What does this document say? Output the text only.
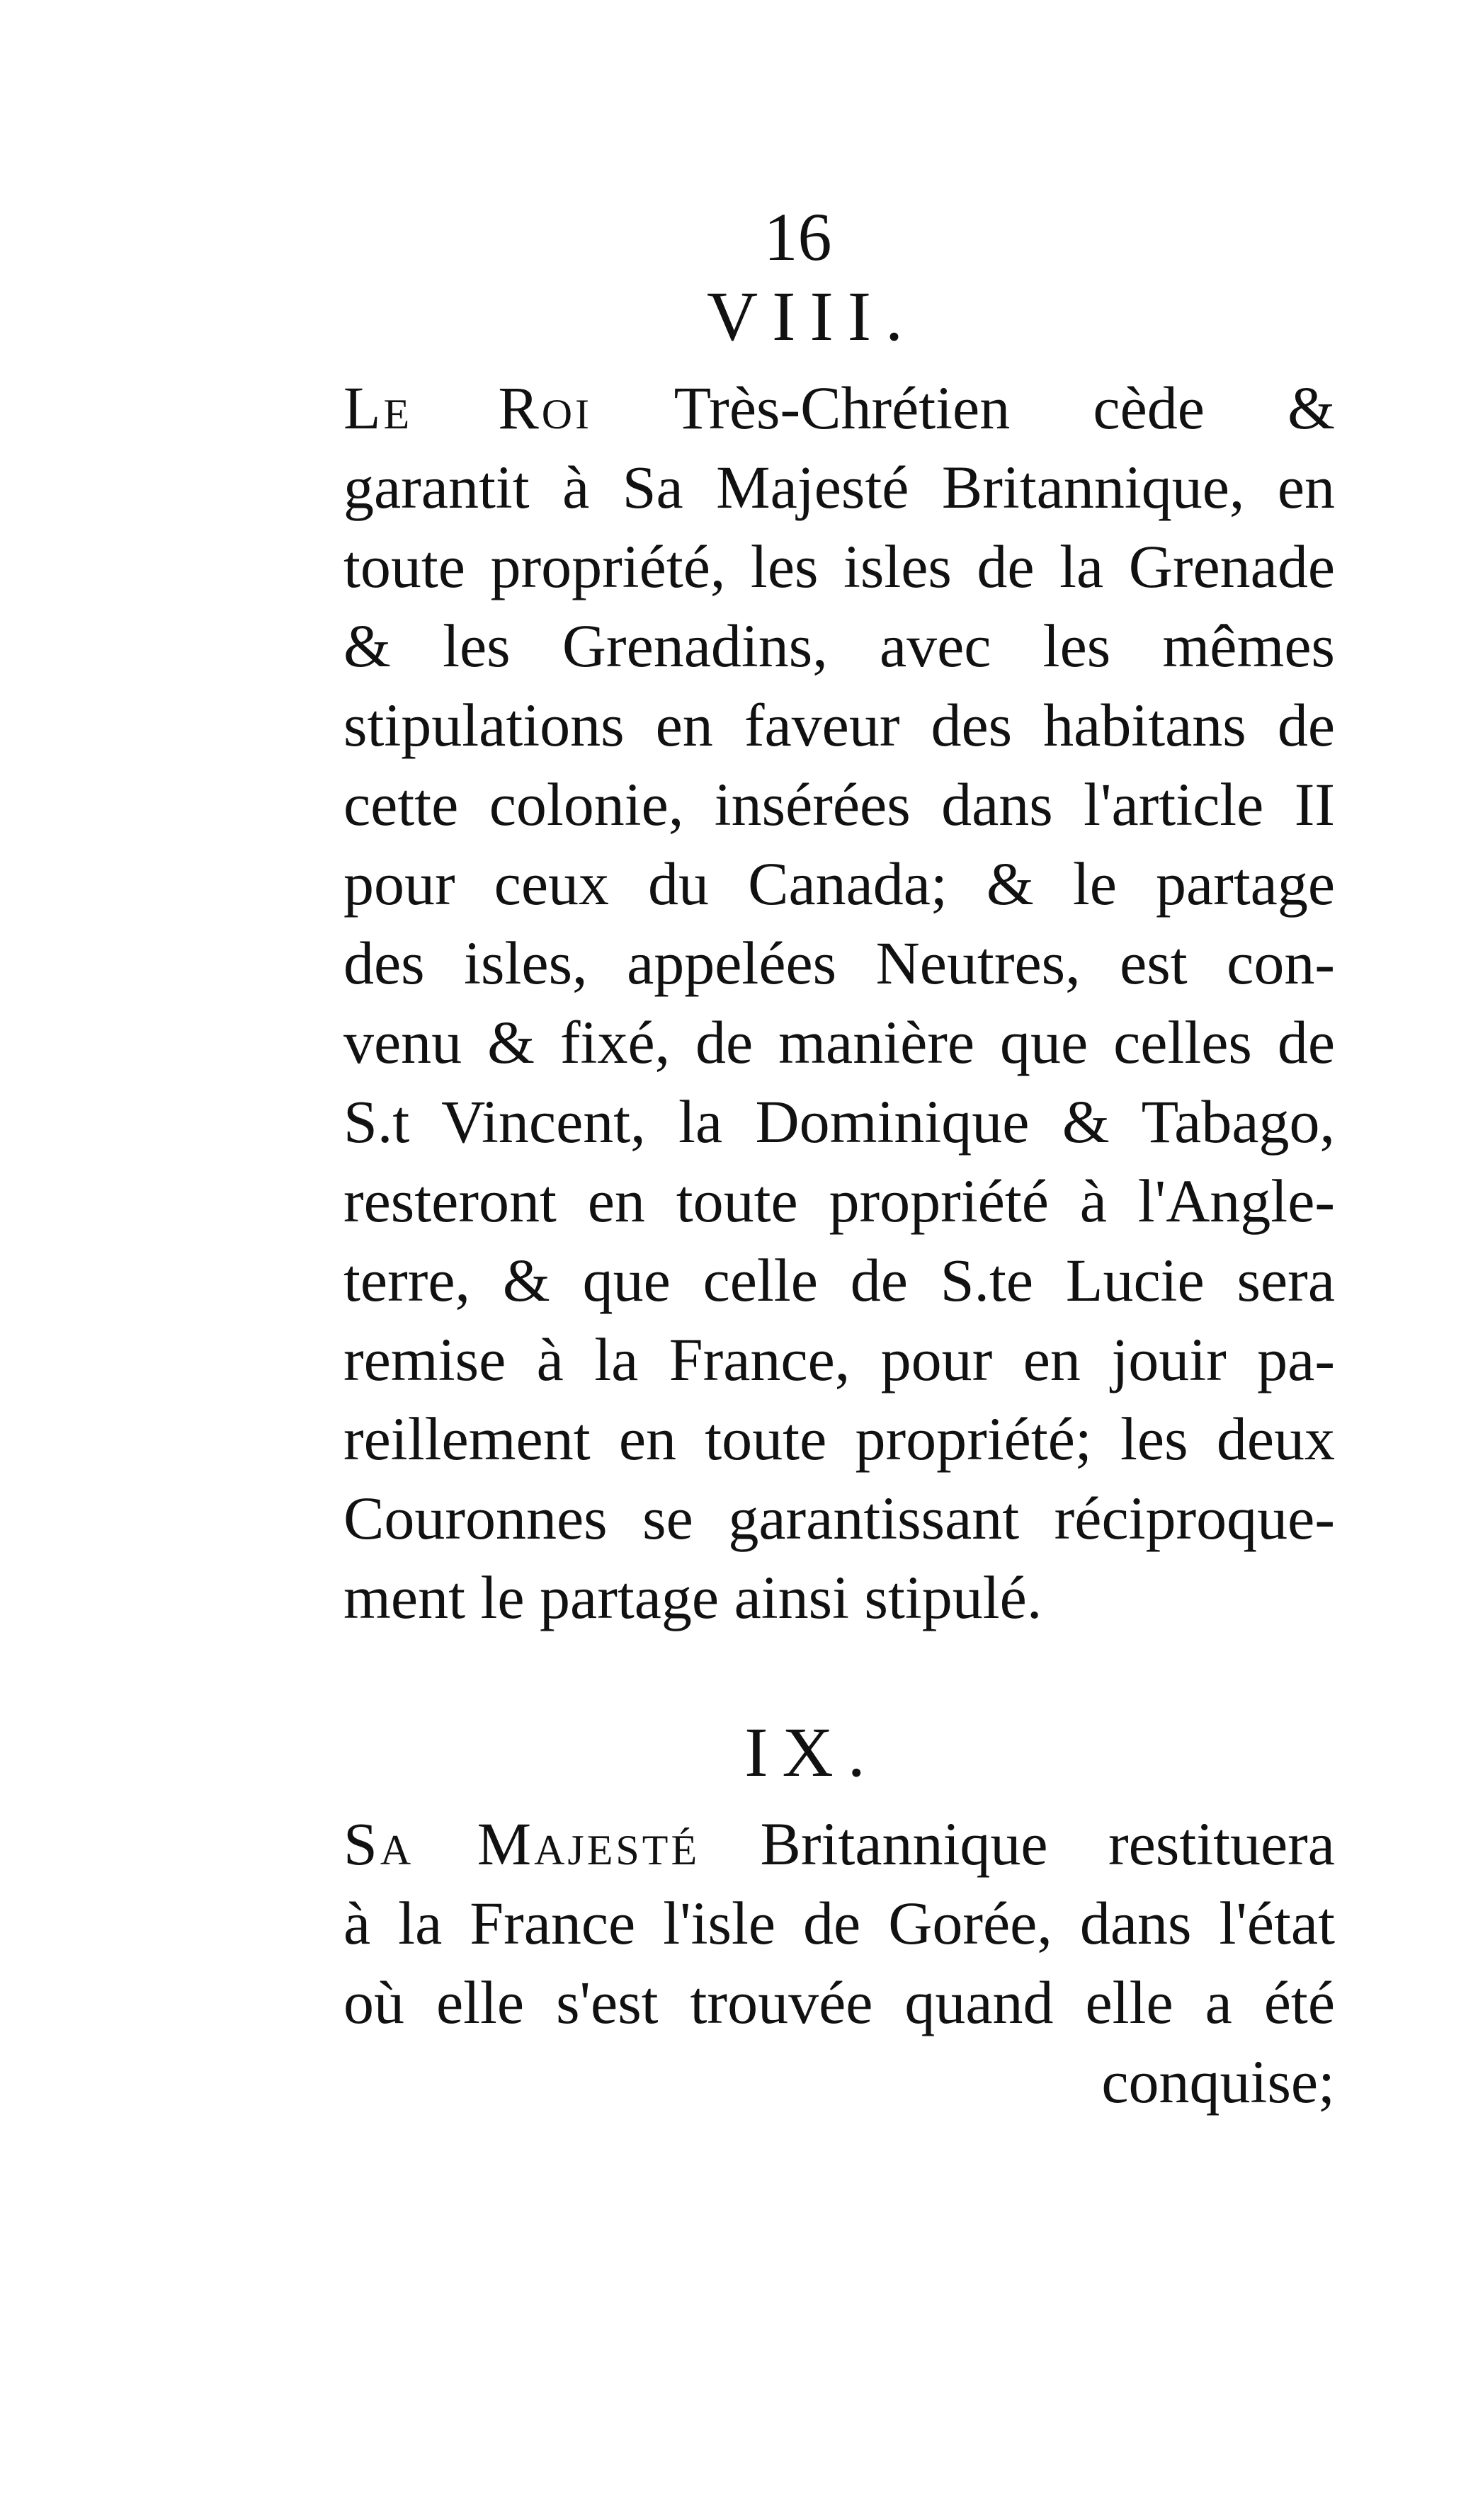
16
VIII.
Le Roi Très-Chrétien cède &
garantit à Sa Majesté Britannique, en
toute propriété, les isles de la Grenade
& les Grenadins, avec les mêmes
stipulations en faveur des habitans de
cette colonie, insérées dans l'article II
pour ceux du Canada; & le partage
des isles, appelées Neutres, est con-
venu & fixé, de manière que celles de
S.t Vincent, la Dominique & Tabago,
resteront en toute propriété à l'Angle-
terre, & que celle de S.te Lucie sera
remise à la France, pour en jouir pa-
reillement en toute propriété; les deux
Couronnes se garantissant réciproque-
ment le partage ainsi stipulé.
IX.
Sa Majesté Britannique restituera
à la France l'isle de Gorée, dans l'état
où elle s'est trouvée quand elle a été
conquise;
